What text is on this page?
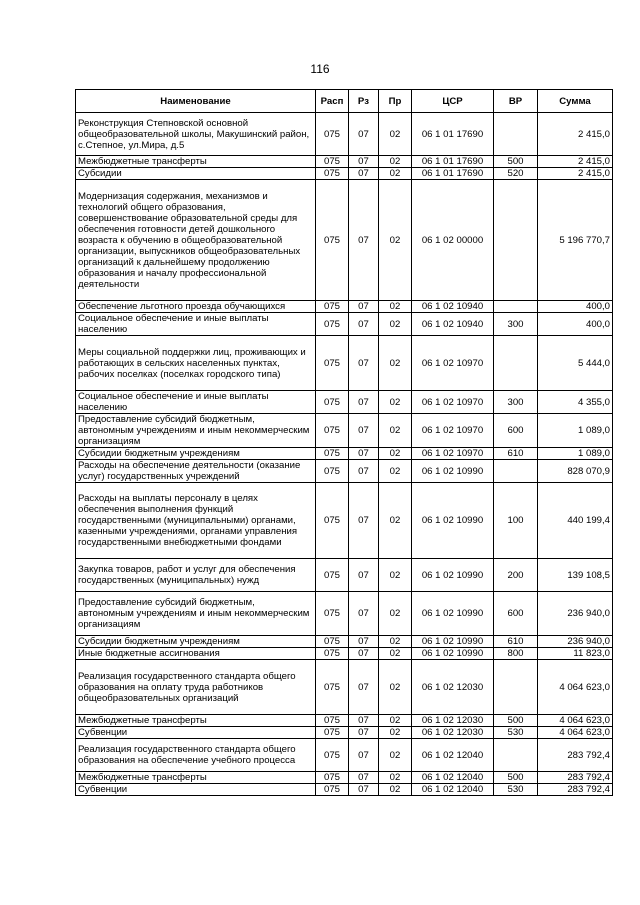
116
Наименование	Расп	Рз	Пр	ЦСР	ВР	Сумма
Реконструкция Степновской основной общеобразовательной школы, Макушинский район, с.Степное, ул.Мира, д.5	075	07	02	06 1 01 17690		2 415,0
Межбюджетные трансферты	075	07	02	06 1 01 17690	500	2 415,0
Субсидии	075	07	02	06 1 01 17690	520	2 415,0
Модернизация содержания, механизмов и технологий общего образования, совершенствование образовательной среды для обеспечения готовности детей дошкольного возраста к обучению в общеобразовательной организации, выпускников общеобразовательных организаций к дальнейшему продолжению образования и началу профессиональной деятельности	075	07	02	06 1 02 00000		5 196 770,7
Обеспечение льготного проезда обучающихся	075	07	02	06 1 02 10940		400,0
Социальное обеспечение и иные выплаты населению	075	07	02	06 1 02 10940	300	400,0
Меры социальной поддержки лиц, проживающих и работающих в сельских населенных пунктах, рабочих поселках (поселках городского типа)	075	07	02	06 1 02 10970		5 444,0
Социальное обеспечение и иные выплаты населению	075	07	02	06 1 02 10970	300	4 355,0
Предоставление субсидий бюджетным, автономным учреждениям и иным некоммерческим организациям	075	07	02	06 1 02 10970	600	1 089,0
Субсидии бюджетным учреждениям	075	07	02	06 1 02 10970	610	1 089,0
Расходы на обеспечение деятельности (оказание услуг) государственных учреждений	075	07	02	06 1 02 10990		828 070,9
Расходы на выплаты персоналу в целях обеспечения выполнения функций государственными (муниципальными) органами, казенными учреждениями, органами управления государственными внебюджетными фондами	075	07	02	06 1 02 10990	100	440 199,4
Закупка товаров, работ и услуг для обеспечения государственных (муниципальных) нужд	075	07	02	06 1 02 10990	200	139 108,5
Предоставление субсидий бюджетным, автономным учреждениям и иным некоммерческим организациям	075	07	02	06 1 02 10990	600	236 940,0
Субсидии бюджетным учреждениям	075	07	02	06 1 02 10990	610	236 940,0
Иные бюджетные ассигнования	075	07	02	06 1 02 10990	800	11 823,0
Реализация государственного стандарта общего образования на оплату труда работников общеобразовательных организаций	075	07	02	06 1 02 12030		4 064 623,0
Межбюджетные трансферты	075	07	02	06 1 02 12030	500	4 064 623,0
Субвенции	075	07	02	06 1 02 12030	530	4 064 623,0
Реализация государственного стандарта общего образования на обеспечение учебного процесса	075	07	02	06 1 02 12040		283 792,4
Межбюджетные трансферты	075	07	02	06 1 02 12040	500	283 792,4
Субвенции	075	07	02	06 1 02 12040	530	283 792,4
